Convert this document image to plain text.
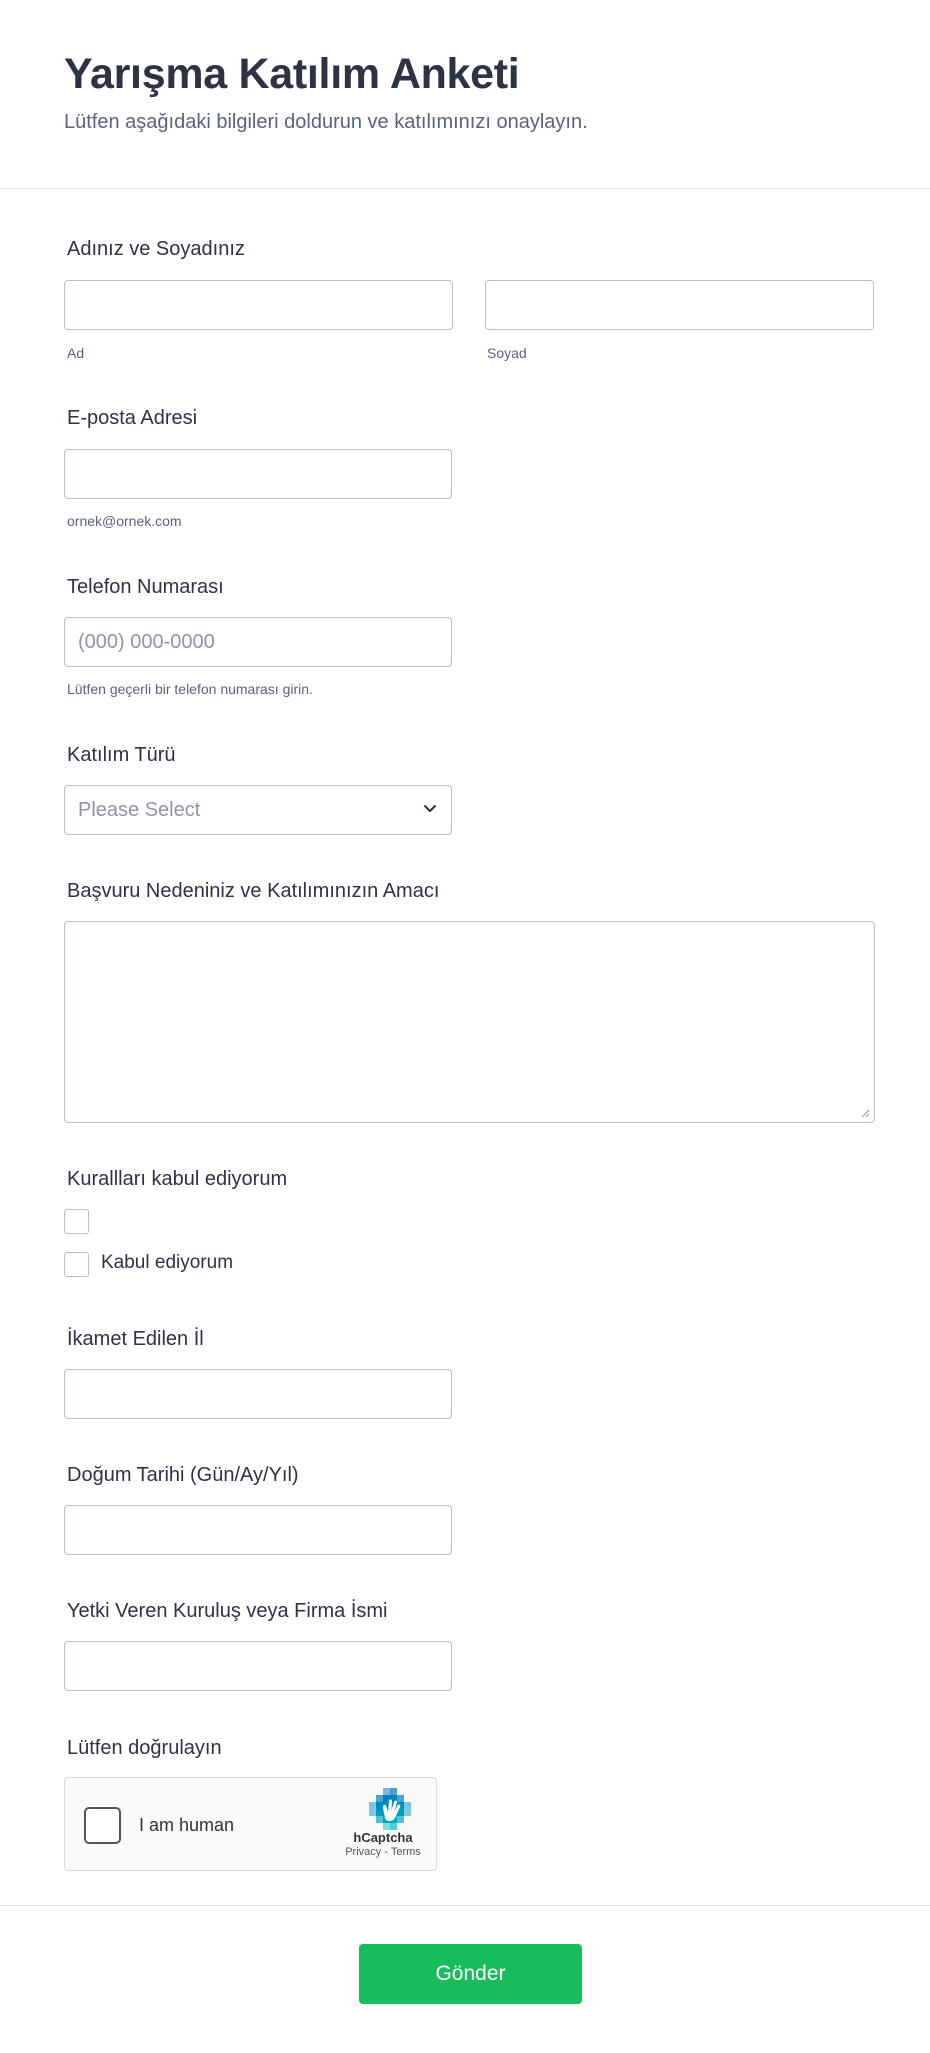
Yarışma Katılım Anketi
Lütfen aşağıdaki bilgileri doldurun ve katılımınızı onaylayın.
Adınız ve Soyadınız
Ad	Soyad
E-posta Adresi
ornek@ornek.com
Telefon Numarası
(000) 000-0000
Lütfen geçerli bir telefon numarası girin.
Katılım Türü
Please Select
Başvuru Nedeniniz ve Katılımınızın Amacı
Kurallları kabul ediyorum
Kabul ediyorum
İkamet Edilen İl
Doğum Tarihi (Gün/Ay/Yıl)
Yetki Veren Kuruluş veya Firma İsmi
Lütfen doğrulayın
I am human
hCaptcha
Privacy - Terms
Gönder
